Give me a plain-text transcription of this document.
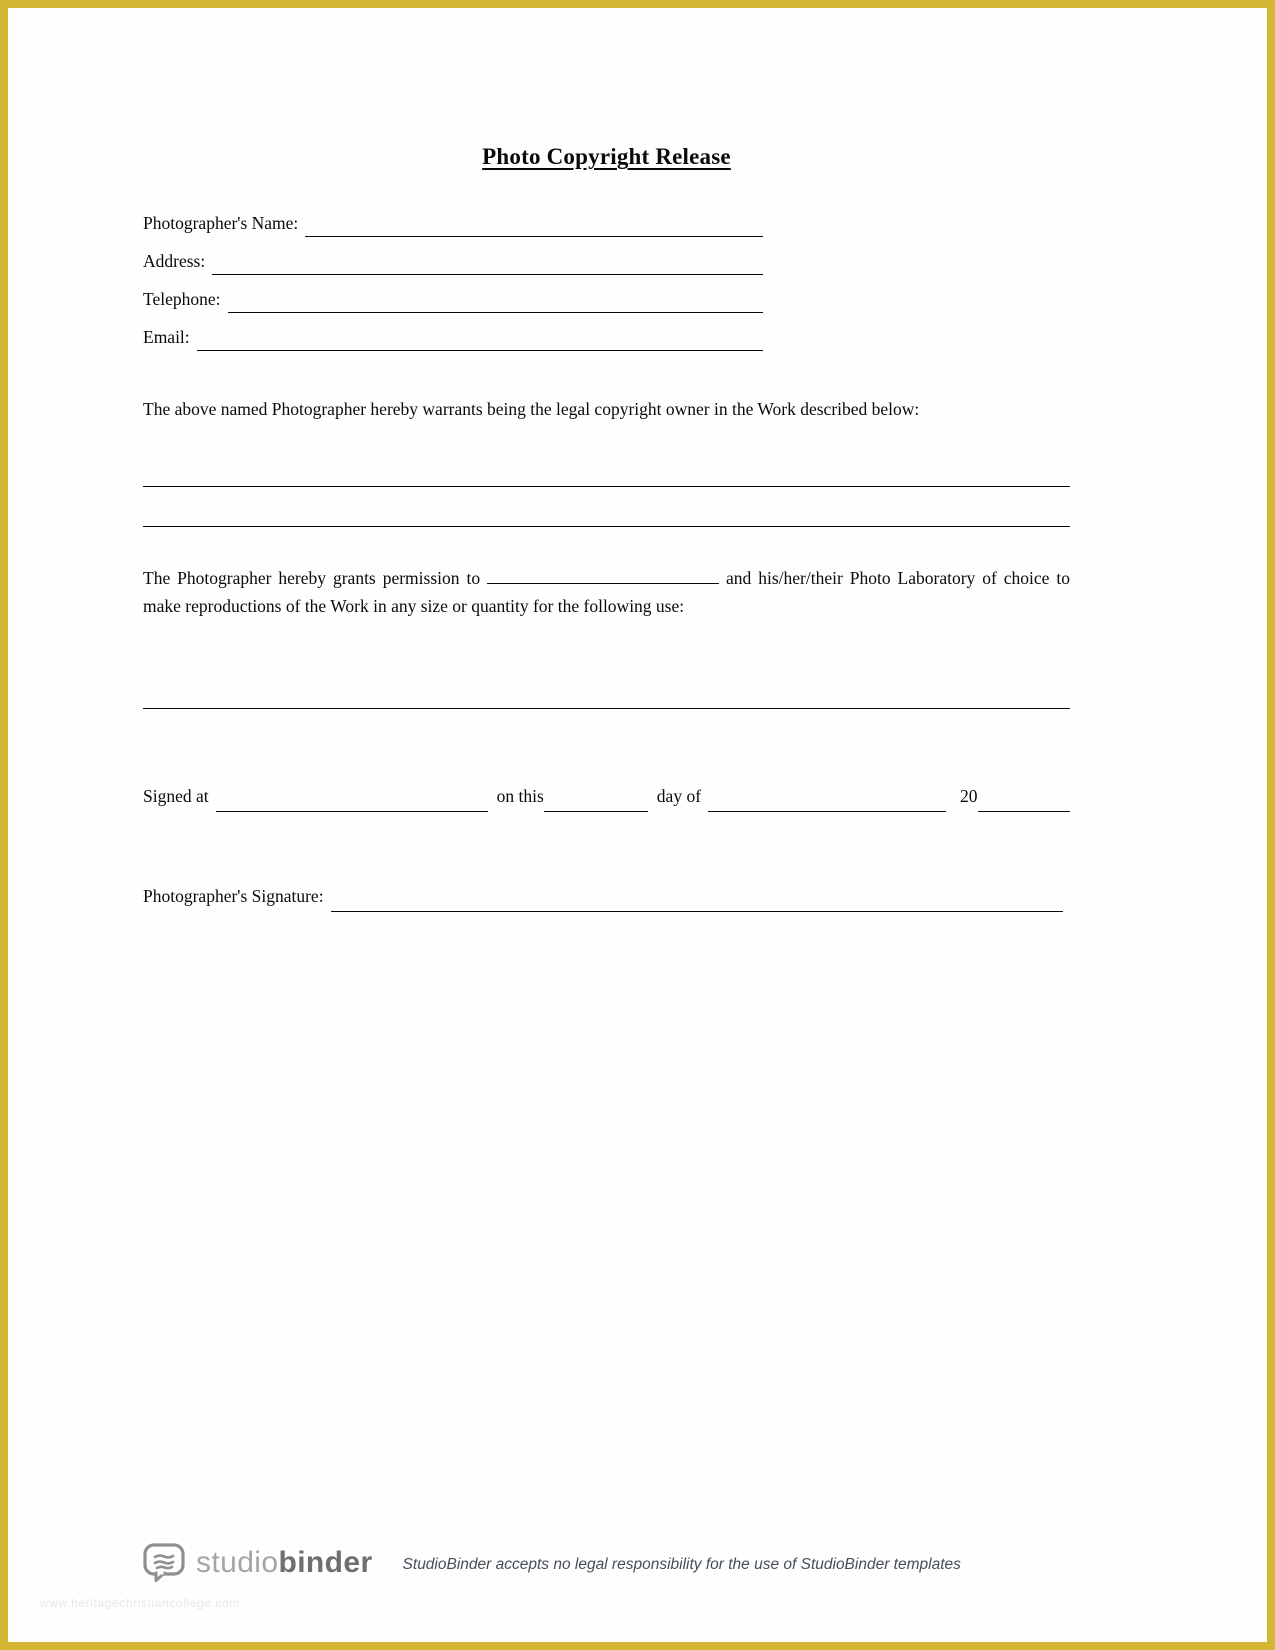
Photo Copyright Release
Photographer's Name:
Address:
Telephone:
Email:
The above named Photographer hereby warrants being the legal copyright owner in the Work described below:
The Photographer hereby grants permission to	and his/her/their Photo Laboratory of choice to
make reproductions of the Work in any size or quantity for the following use:
Signed at	on this	day of	20
Photographer's Signature:
studiobinder StudioBinder accepts no legal responsibility for the use of StudioBinder templates
www.heritagechristiancollege.com
